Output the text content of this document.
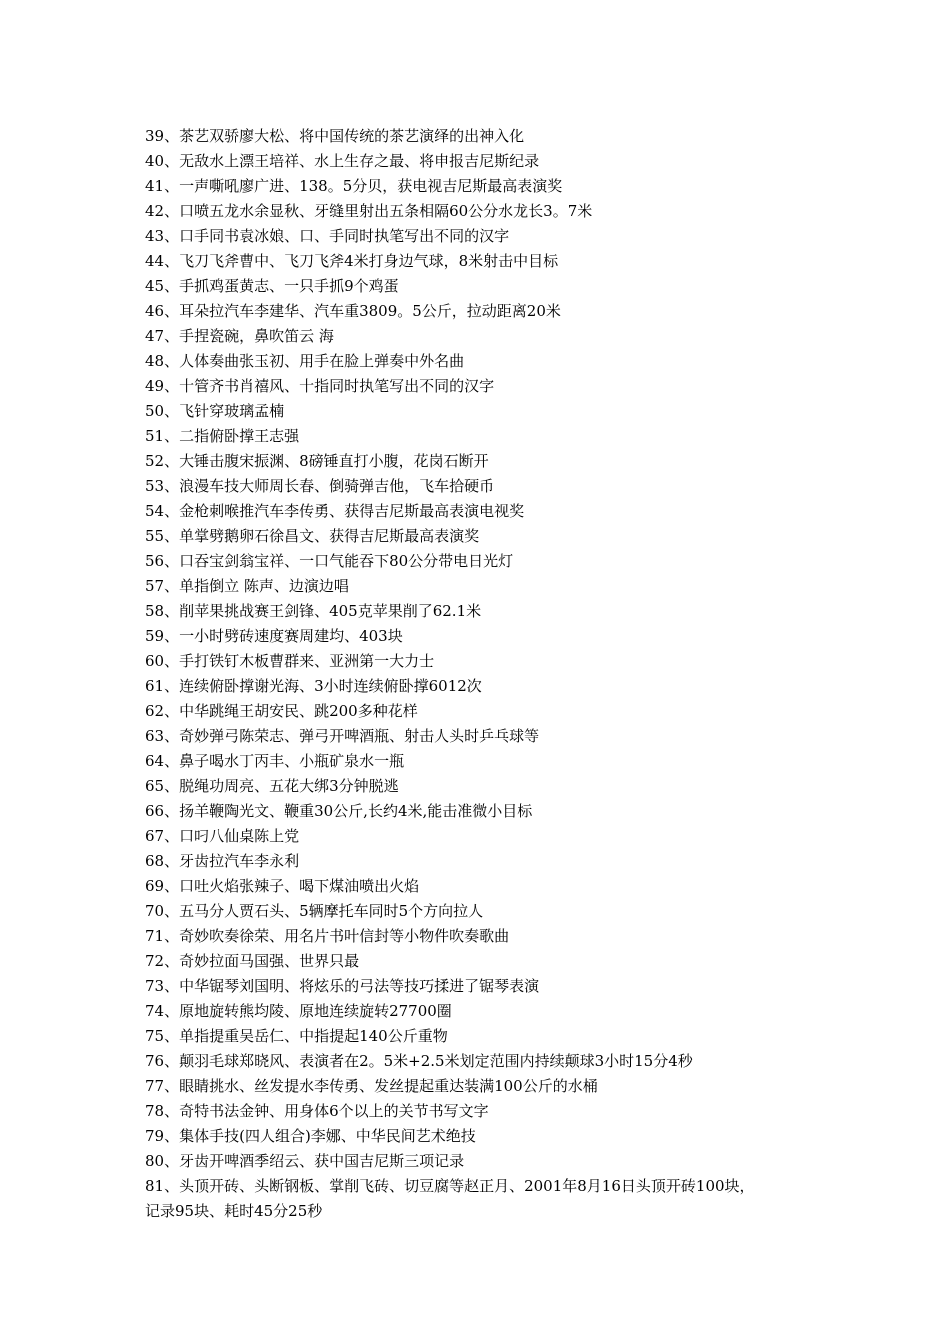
39、茶艺双骄廖大松、将中国传统的茶艺演绎的出神入化
40、无敌水上漂王培祥、水上生存之最、将申报吉尼斯纪录
41、一声嘶吼廖广进、138。5分贝，获电视吉尼斯最高表演奖
42、口喷五龙水余显秋、牙缝里射出五条相隔60公分水龙长3。7米
43、口手同书袁冰娘、口、手同时执笔写出不同的汉字
44、飞刀飞斧曹中、飞刀飞斧4米打身边气球，8米射击中目标
45、手抓鸡蛋黄志、一只手抓9个鸡蛋
46、耳朵拉汽车李建华、汽车重3809。5公斤，拉动距离20米
47、手捏瓷碗，鼻吹笛云 海
48、人体奏曲张玉初、用手在脸上弹奏中外名曲
49、十管齐书肖禧风、十指同时执笔写出不同的汉字
50、飞针穿玻璃孟楠
51、二指俯卧撑王志强
52、大锤击腹宋振渊、8磅锤直打小腹，花岗石断开
53、浪漫车技大师周长春、倒骑弹吉他，飞车拾硬币
54、金枪刺喉推汽车李传勇、获得吉尼斯最高表演电视奖
55、单掌劈鹅卵石徐昌文、获得吉尼斯最高表演奖
56、口吞宝剑翁宝祥、一口气能吞下80公分带电日光灯
57、单指倒立 陈声、边演边唱
58、削苹果挑战赛王剑锋、405克苹果削了62.1米
59、一小时劈砖速度赛周建均、403块
60、手打铁钉木板曹群来、亚洲第一大力士
61、连续俯卧撑谢光海、3小时连续俯卧撑6012次
62、中华跳绳王胡安民、跳200多种花样
63、奇妙弹弓陈荣志、弹弓开啤酒瓶、射击人头时乒乓球等
64、鼻子喝水丁丙丰、小瓶矿泉水一瓶
65、脱绳功周亮、五花大绑3分钟脱逃
66、扬羊鞭陶光文、鞭重30公斤,长约4米,能击准微小目标
67、口叼八仙桌陈上党
68、牙齿拉汽车李永利
69、口吐火焰张辣子、喝下煤油喷出火焰
70、五马分人贾石头、5辆摩托车同时5个方向拉人
71、奇妙吹奏徐荣、用名片书叶信封等小物件吹奏歌曲
72、奇妙拉面马国强、世界只最
73、中华锯琴刘国明、将炫乐的弓法等技巧揉进了锯琴表演
74、原地旋转熊均陵、原地连续旋转27700圈
75、单指提重吴岳仁、中指提起140公斤重物
76、颠羽毛球郑晓风、表演者在2。5米+2.5米划定范围内持续颠球3小时15分4秒
77、眼睛挑水、丝发提水李传勇、发丝提起重达装满100公斤的水桶
78、奇特书法金钟、用身体6个以上的关节书写文字
79、集体手技(四人组合)李娜、中华民间艺术绝技
80、牙齿开啤酒季绍云、获中国吉尼斯三项记录
81、头顶开砖、头断钢板、掌削飞砖、切豆腐等赵正月、2001年8月16日头顶开砖100块，
记录95块、耗时45分25秒
